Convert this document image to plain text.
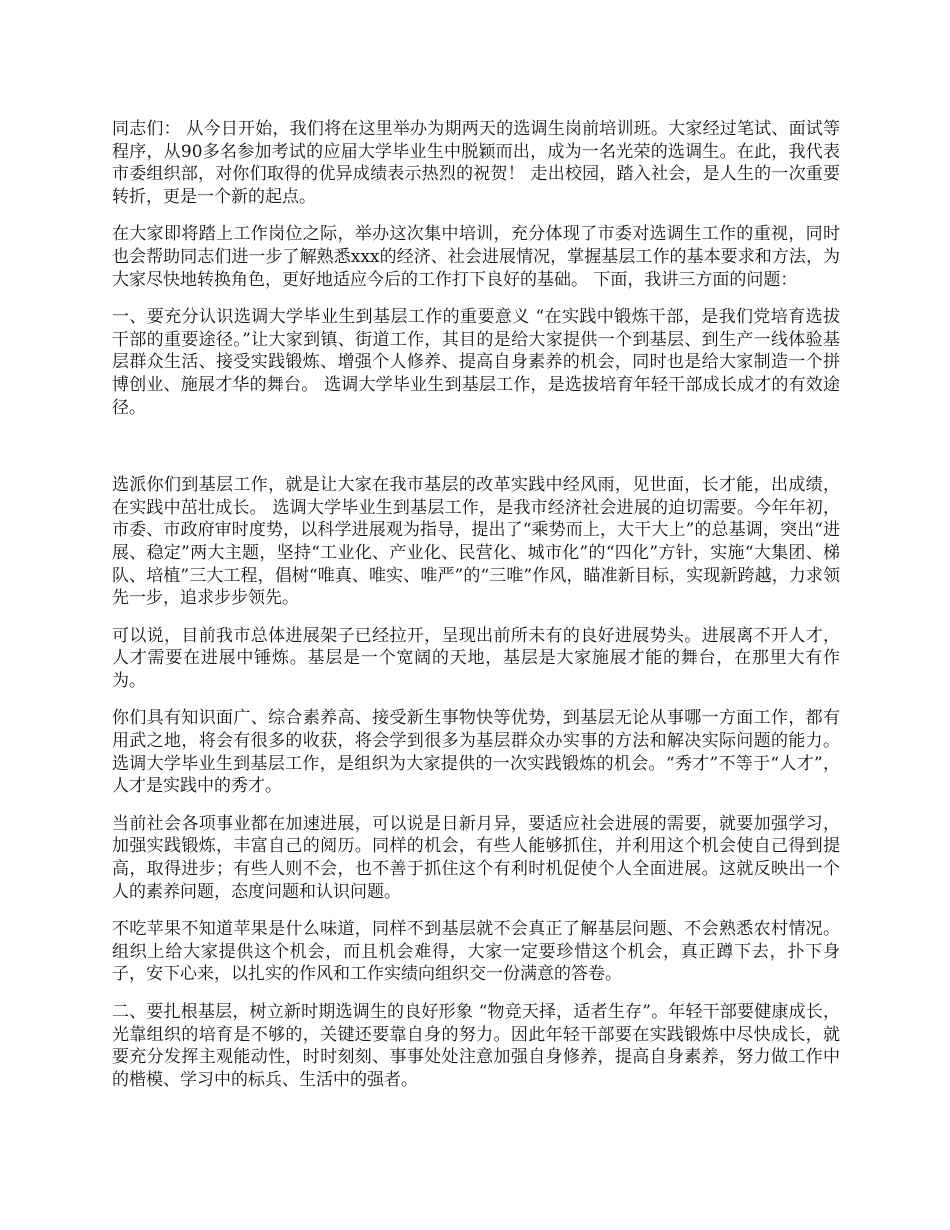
同志们： 从今日开始，我们将在这里举办为期两天的选调生岗前培训班。大家经过笔试、面试等程序，从90多名参加考试的应届大学毕业生中脱颖而出，成为一名光荣的选调生。在此，我代表市委组织部，对你们取得的优异成绩表示热烈的祝贺！ 走出校园，踏入社会，是人生的一次重要转折，更是一个新的起点。

在大家即将踏上工作岗位之际，举办这次集中培训，充分体现了市委对选调生工作的重视，同时也会帮助同志们进一步了解熟悉xxx的经济、社会进展情况，掌握基层工作的基本要求和方法，为大家尽快地转换角色，更好地适应今后的工作打下良好的基础。 下面，我讲三方面的问题：

一、要充分认识选调大学毕业生到基层工作的重要意义 “在实践中锻炼干部，是我们党培育选拔干部的重要途径。”让大家到镇、街道工作，其目的是给大家提供一个到基层、到生产一线体验基层群众生活、接受实践锻炼、增强个人修养、提高自身素养的机会，同时也是给大家制造一个拼博创业、施展才华的舞台。 选调大学毕业生到基层工作，是选拔培育年轻干部成长成才的有效途径。

选派你们到基层工作，就是让大家在我市基层的改革实践中经风雨，见世面，长才能，出成绩，在实践中茁壮成长。 选调大学毕业生到基层工作，是我市经济社会进展的迫切需要。今年年初，市委、市政府审时度势，以科学进展观为指导，提出了“乘势而上，大干大上”的总基调，突出“进展、稳定”两大主题，坚持“工业化、产业化、民营化、城市化”的“四化”方针，实施“大集团、梯队、培植”三大工程，倡树“唯真、唯实、唯严”的“三唯”作风，瞄准新目标，实现新跨越，力求领先一步，追求步步领先。

可以说，目前我市总体进展架子已经拉开，呈现出前所未有的良好进展势头。进展离不开人才，人才需要在进展中锤炼。基层是一个宽阔的天地，基层是大家施展才能的舞台，在那里大有作为。

你们具有知识面广、综合素养高、接受新生事物快等优势，到基层无论从事哪一方面工作，都有用武之地，将会有很多的收获，将会学到很多为基层群众办实事的方法和解决实际问题的能力。 选调大学毕业生到基层工作，是组织为大家提供的一次实践锻炼的机会。“秀才”不等于“人才”，人才是实践中的秀才。

当前社会各项事业都在加速进展，可以说是日新月异，要适应社会进展的需要，就要加强学习，加强实践锻炼，丰富自己的阅历。同样的机会，有些人能够抓住，并利用这个机会使自己得到提高，取得进步；有些人则不会，也不善于抓住这个有利时机促使个人全面进展。这就反映出一个人的素养问题，态度问题和认识问题。

不吃苹果不知道苹果是什么味道，同样不到基层就不会真正了解基层问题、不会熟悉农村情况。组织上给大家提供这个机会，而且机会难得，大家一定要珍惜这个机会，真正蹲下去，扑下身子，安下心来，以扎实的作风和工作实绩向组织交一份满意的答卷。

二、要扎根基层，树立新时期选调生的良好形象 “物竞天择，适者生存”。年轻干部要健康成长，光靠组织的培育是不够的，关键还要靠自身的努力。因此年轻干部要在实践锻炼中尽快成长，就要充分发挥主观能动性，时时刻刻、事事处处注意加强自身修养，提高自身素养，努力做工作中的楷模、学习中的标兵、生活中的强者。
